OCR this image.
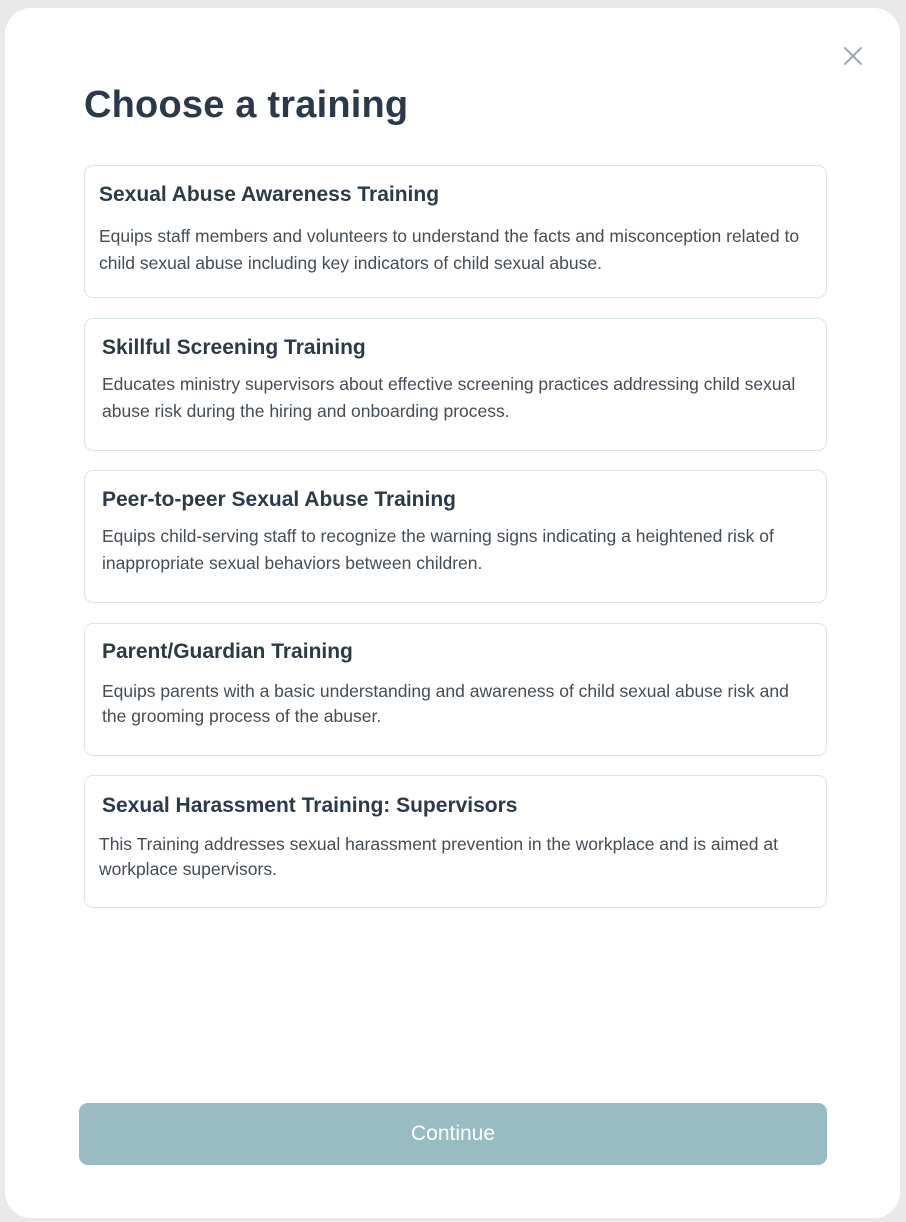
Choose a training
Sexual Abuse Awareness Training

Equips staff members and volunteers to understand the facts and misconception related to child sexual abuse including key indicators of child sexual abuse.

Skillful Screening Training

Educates ministry supervisors about effective screening practices addressing child sexual abuse risk during the hiring and onboarding process.

Peer-to-peer Sexual Abuse Training

Equips child-serving staff to recognize the warning signs indicating a heightened risk of inappropriate sexual behaviors between children.

Parent/Guardian Training

Equips parents with a basic understanding and awareness of child sexual abuse risk and the grooming process of the abuser.

Sexual Harassment Training: Supervisors

This Training addresses sexual harassment prevention in the workplace and is aimed at workplace supervisors.

Continue
